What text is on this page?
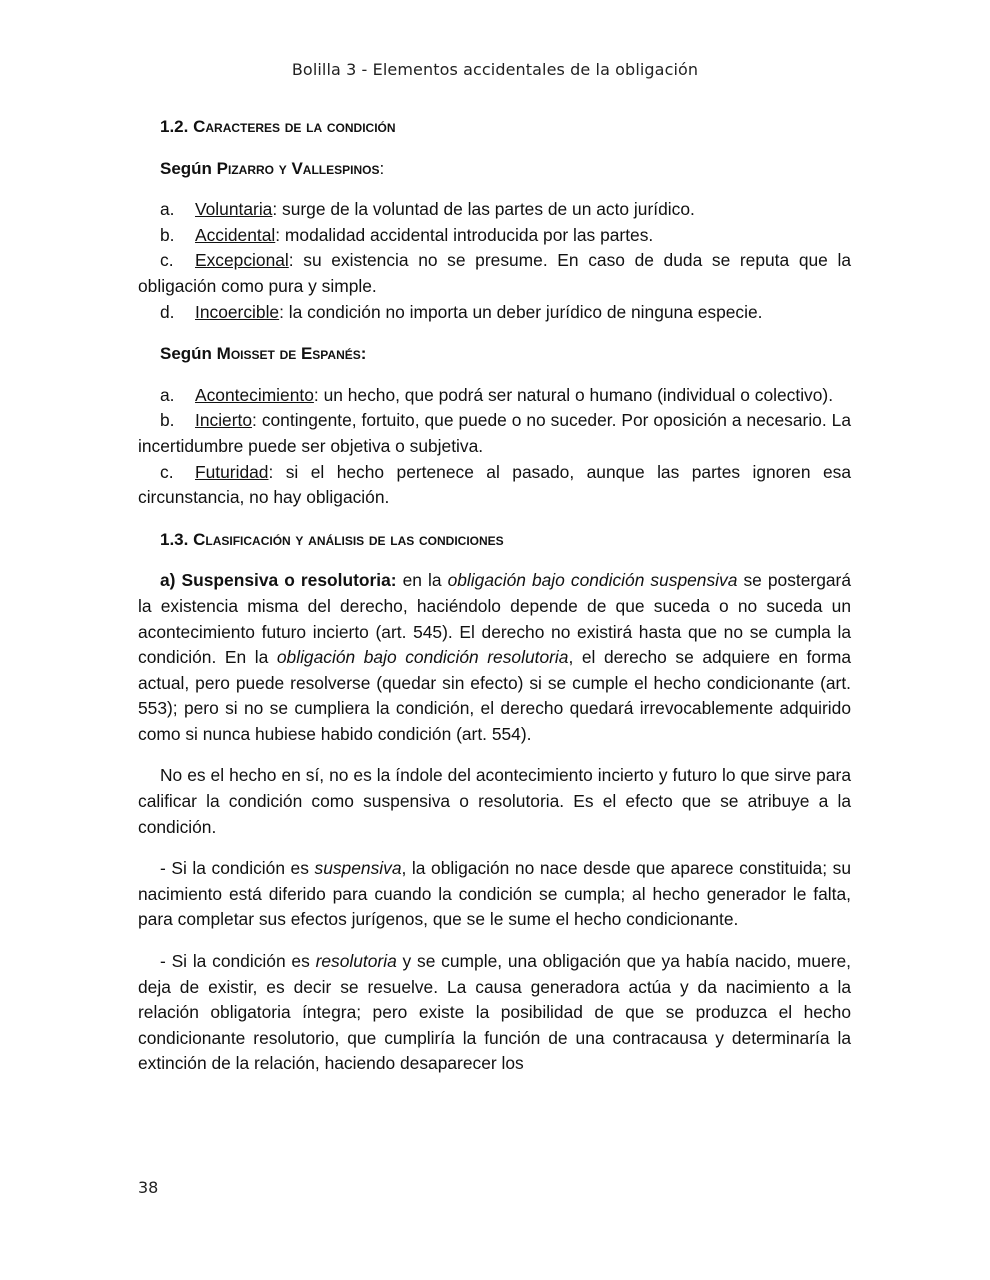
Bolilla 3 - Elementos accidentales de la obligación
1.2. Caracteres de la condición
Según Pizarro y Vallespinos:

a. Voluntaria: surge de la voluntad de las partes de un acto jurídico.

b. Accidental: modalidad accidental introducida por las partes.

c. Excepcional: su existencia no se presume. En caso de duda se reputa que la obligación como pura y simple.

d. Incoercible: la condición no importa un deber jurídico de ninguna especie.

Según Moisset de Espanés:

a. Acontecimiento: un hecho, que podrá ser natural o humano (individual o colectivo).

b. Incierto: contingente, fortuito, que puede o no suceder. Por oposición a necesario. La incertidumbre puede ser objetiva o subjetiva.

c. Futuridad: si el hecho pertenece al pasado, aunque las partes ignoren esa circunstancia, no hay obligación.

1.3. Clasificación y análisis de las condiciones

a) Suspensiva o resolutoria: en la obligación bajo condición suspensiva se postergará la existencia misma del derecho, haciéndolo depende de que suceda o no suceda un acontecimiento futuro incierto (art. 545). El derecho no existirá hasta que no se cumpla la condición. En la obligación bajo condición resolutoria, el derecho se adquiere en forma actual, pero puede resolverse (quedar sin efecto) si se cumple el hecho condicionante (art. 553); pero si no se cumpliera la condición, el derecho quedará irrevocablemente adquirido como si nunca hubiese habido condición (art. 554).

No es el hecho en sí, no es la índole del acontecimiento incierto y futuro lo que sirve para calificar la condición como suspensiva o resolutoria. Es el efecto que se atribuye a la condición.

- Si la condición es suspensiva, la obligación no nace desde que aparece constituida; su nacimiento está diferido para cuando la condición se cumpla; al hecho generador le falta, para completar sus efectos jurígenos, que se le sume el hecho condicionante.

- Si la condición es resolutoria y se cumple, una obligación que ya había nacido, muere, deja de existir, es decir se resuelve. La causa generadora actúa y da nacimiento a la relación obligatoria íntegra; pero existe la posibilidad de que se produzca el hecho condicionante resolutorio, que cumpliría la función de una contracausa y determinaría la extinción de la relación, haciendo desaparecer los

38
